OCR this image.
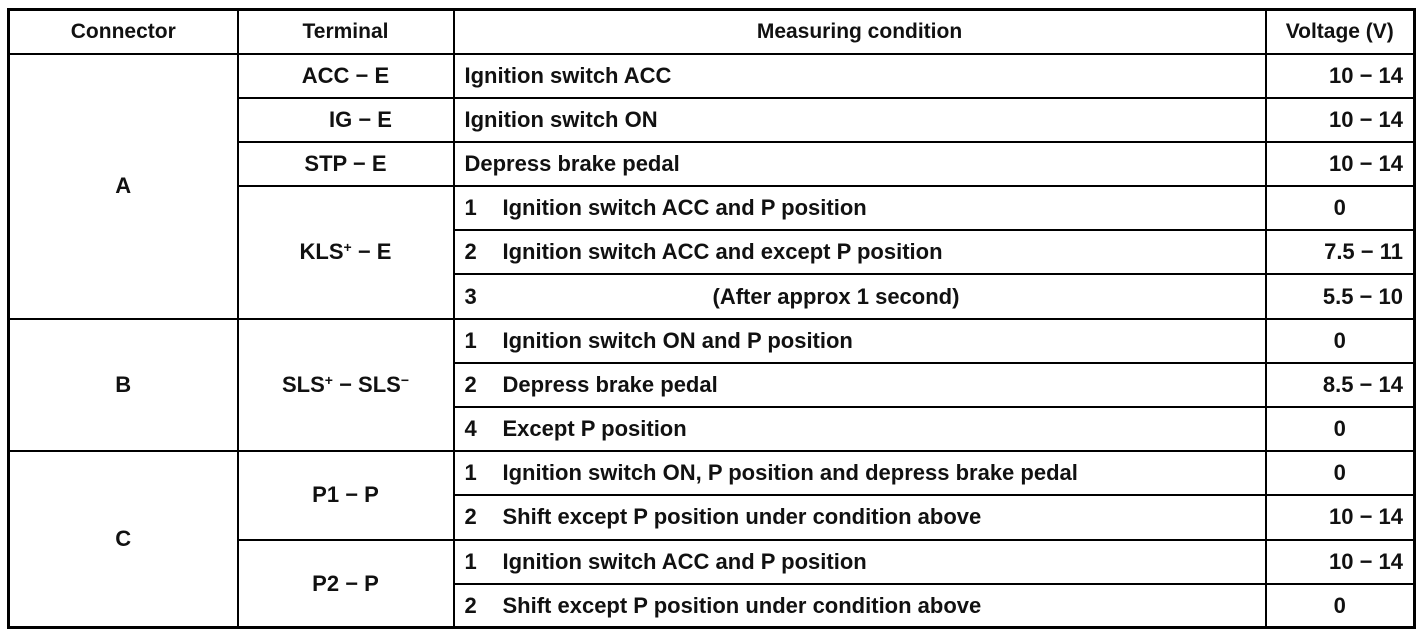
Connector	Terminal	Measuring condition	Voltage (V)
A	ACC − E	Ignition switch ACC	10 − 14
	IG − E	Ignition switch ON	10 − 14
	STP − E	Depress brake pedal	10 − 14
	KLS+ − E	1 Ignition switch ACC and P position	0
		2 Ignition switch ACC and except P position	7.5 − 11
		3 (After approx 1 second)	5.5 − 10
B	SLS+ − SLS−	1 Ignition switch ON and P position	0
		2 Depress brake pedal	8.5 − 14
		4 Except P position	0
C	P1 − P	1 Ignition switch ON, P position and depress brake pedal	0
		2 Shift except P position under condition above	10 − 14
	P2 − P	1 Ignition switch ACC and P position	10 − 14
		2 Shift except P position under condition above	0
